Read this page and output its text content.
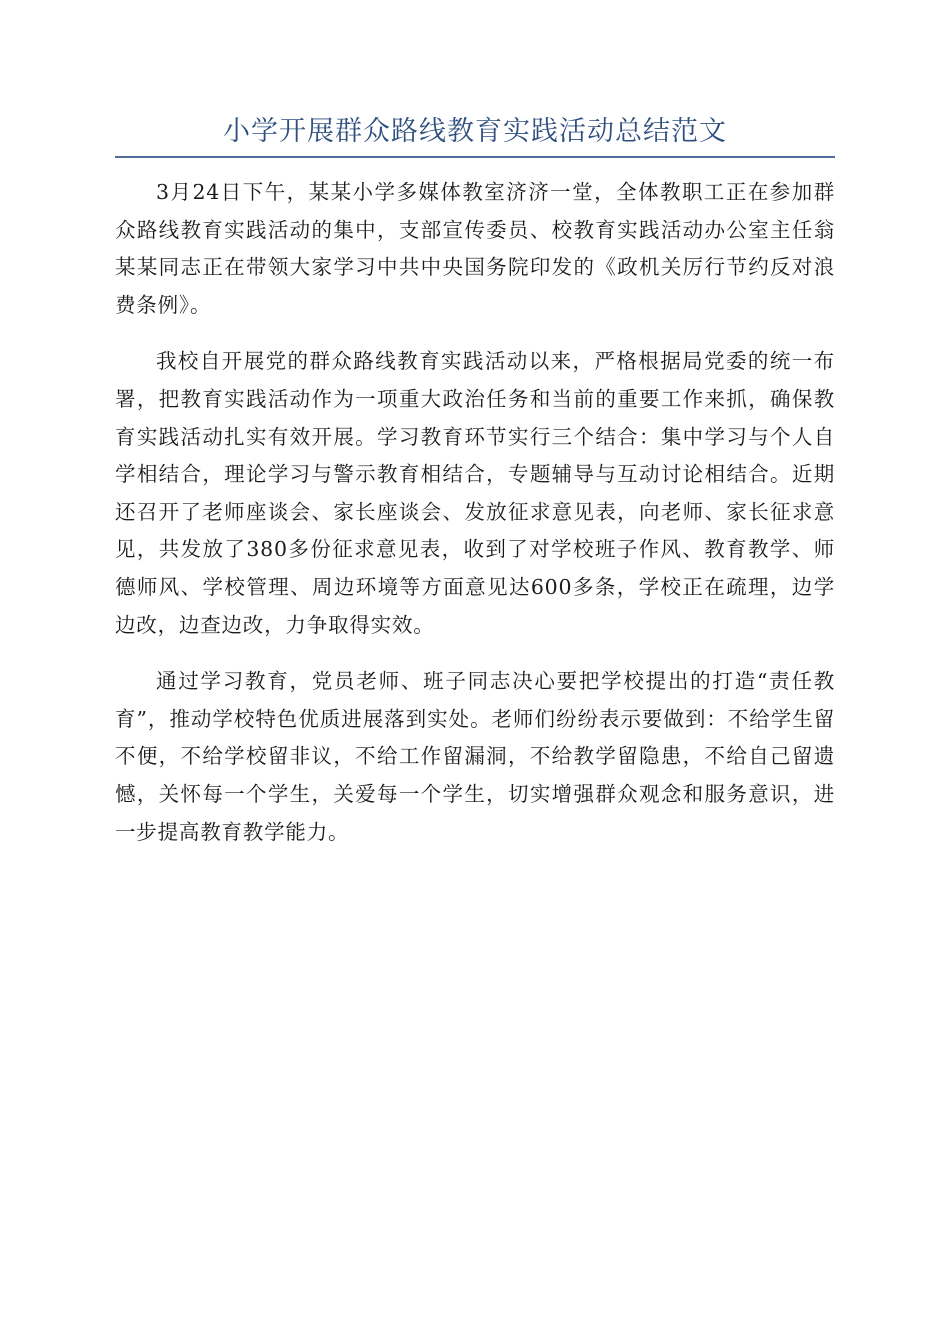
小学开展群众路线教育实践活动总结范文

3月24日下午，某某小学多媒体教室济济一堂，全体教职工正在参加群众路线教育实践活动的集中，支部宣传委员、校教育实践活动办公室主任翁某某同志正在带领大家学习中共中央国务院印发的《政机关厉行节约反对浪费条例》。

我校自开展党的群众路线教育实践活动以来，严格根据局党委的统一布署，把教育实践活动作为一项重大政治任务和当前的重要工作来抓，确保教育实践活动扎实有效开展。学习教育环节实行三个结合：集中学习与个人自学相结合，理论学习与警示教育相结合，专题辅导与互动讨论相结合。近期还召开了老师座谈会、家长座谈会、发放征求意见表，向老师、家长征求意见，共发放了380多份征求意见表，收到了对学校班子作风、教育教学、师德师风、学校管理、周边环境等方面意见达600多条，学校正在疏理，边学边改，边查边改，力争取得实效。

通过学习教育，党员老师、班子同志决心要把学校提出的打造“责任教育”，推动学校特色优质进展落到实处。老师们纷纷表示要做到：不给学生留不便，不给学校留非议，不给工作留漏洞，不给教学留隐患，不给自己留遗憾，关怀每一个学生，关爱每一个学生，切实增强群众观念和服务意识，进一步提高教育教学能力。
